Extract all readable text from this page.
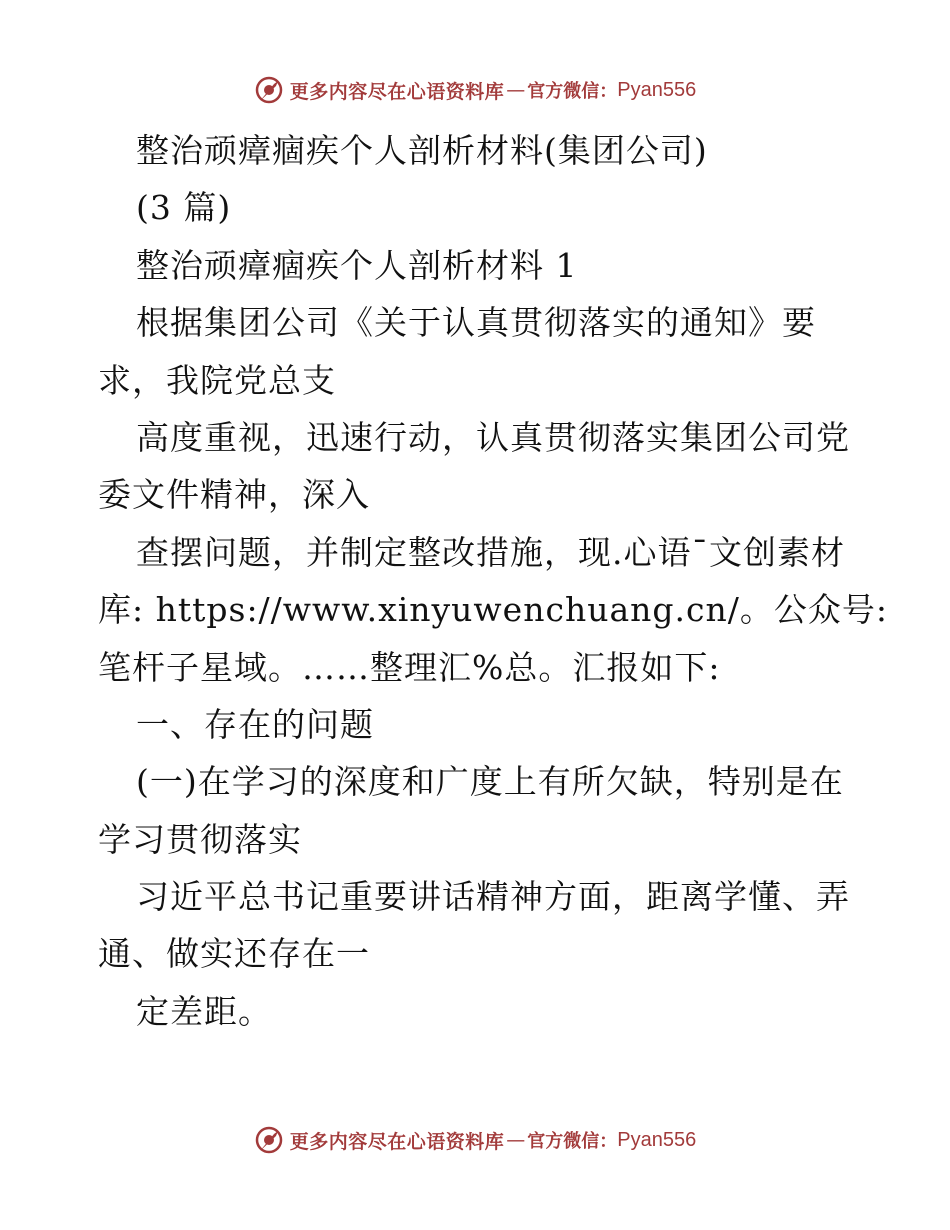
更多内容尽在心语资料库 — 官方微信： Pyan556
整治顽瘴痼疾个人剖析材料(集团公司)
(3 篇)
整治顽瘴痼疾个人剖析材料 1
根据集团公司《关于认真贯彻落实的通知》要
求，我院党总支
高度重视，迅速行动，认真贯彻落实集团公司党
委文件精神，深入
查摆问题，并制定整改措施，现.心语¯文创素材
库: https://www.xinyuwenchuang.cn/。公众号:
笔杆子星域。……整理汇%总。汇报如下:
一、存在的问题
(一)在学习的深度和广度上有所欠缺，特别是在
学习贯彻落实
习近平总书记重要讲话精神方面，距离学懂、弄
通、做实还存在一
定差距。
更多内容尽在心语资料库 — 官方微信： Pyan556
